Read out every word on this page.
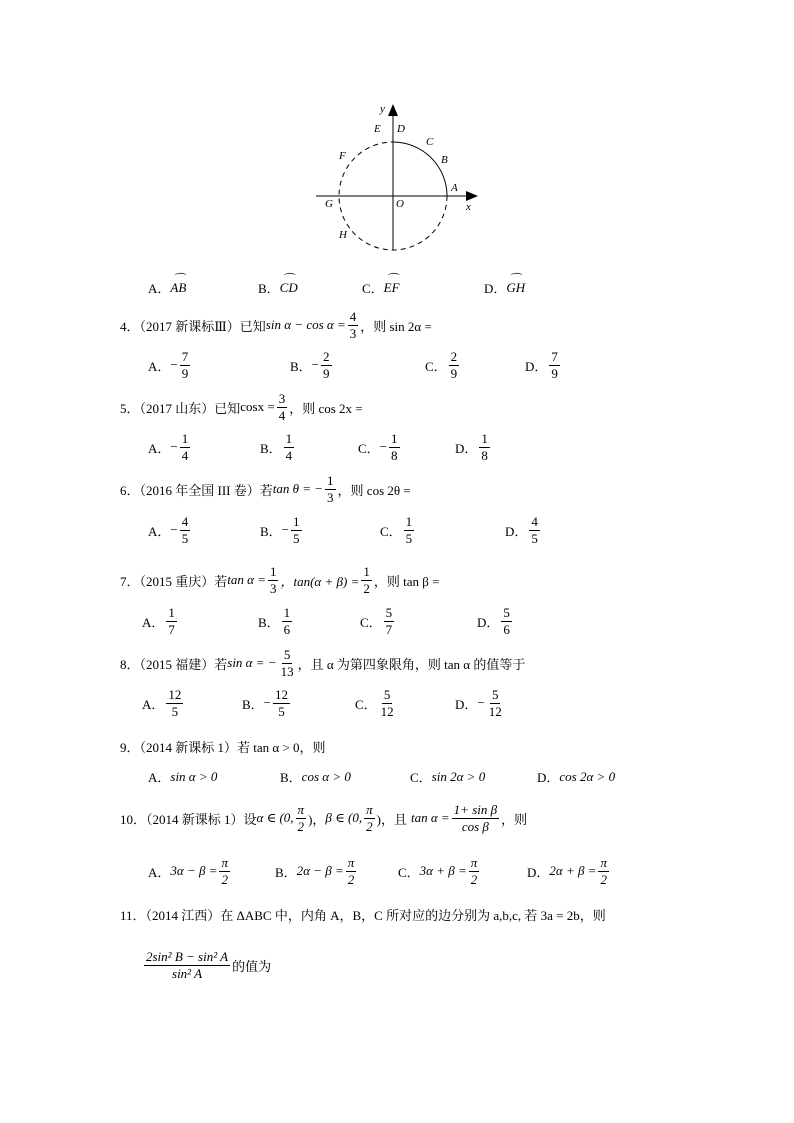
y
x
O
A
B
C
D
E
F
G
H
A． ⌒ AB	B． ⌒ CD	C． ⌒ EF	D． ⌒ GH
4．（2017 新课标Ⅲ）已知 $\sin \alpha - \cos \alpha = \frac{4}{3}$ ，则 sin 2α =
A． − $\frac{7}{9}$	B． − $\frac{2}{9}$	C． $\frac{2}{9}$	D． $\frac{7}{9}$
5．（2017 山东）已知 $\cos x = \frac{3}{4}$ ，则 cos 2x =
A． − $\frac{1}{4}$	B． $\frac{1}{4}$	C． − $\frac{1}{8}$	D． $\frac{1}{8}$
6．（2016 年全国 III 卷）若 tan θ = − $\frac{1}{3}$ ，则 cos 2θ =
A． − $\frac{4}{5}$	B． − $\frac{1}{5}$	C． $\frac{1}{5}$	D． $\frac{4}{5}$
7．（2015 重庆）若 $\tan \alpha = \frac{1}{3}$ ，$\tan(\alpha + \beta) = \frac{1}{2}$ ，则 tan β =
A． $\frac{1}{7}$	B． $\frac{1}{6}$	C． $\frac{5}{7}$	D． $\frac{5}{6}$
8．（2015 福建）若 sin α = − $\frac{5}{13}$ ，且 α 为第四象限角，则 tan α 的值等于
A． $\frac{12}{5}$	B． − $\frac{12}{5}$	C． $\frac{5}{12}$	D． − $\frac{5}{12}$
9．（2014 新课标 1）若 tan α > 0，则
A． sin α > 0	B． cos α > 0	C． sin 2α > 0	D． cos 2α > 0
10．（2014 新课标 1）设 α ∈ (0, $\frac{\pi}{2}$ )， β ∈ (0, $\frac{\pi}{2}$ )，且 $\tan \alpha = \frac{\text{1+ sin β}}{\text{cos β}}$ ，则
A． $3\alpha - \beta = \frac{\pi}{2}$	B． $2\alpha - \beta = \frac{\pi}{2}$	C． $3\alpha + \beta = \frac{\pi}{2}$	D． $2\alpha + \beta = \frac{\pi}{2}$
11．（2014 江西）在 ΔABC 中，内角 A，B，C 所对应的边分别为 a,b,c, 若 3a = 2b，则
$\frac{\text{2sin² B − sin² A}}{\text{sin² A}}$ 的值为
